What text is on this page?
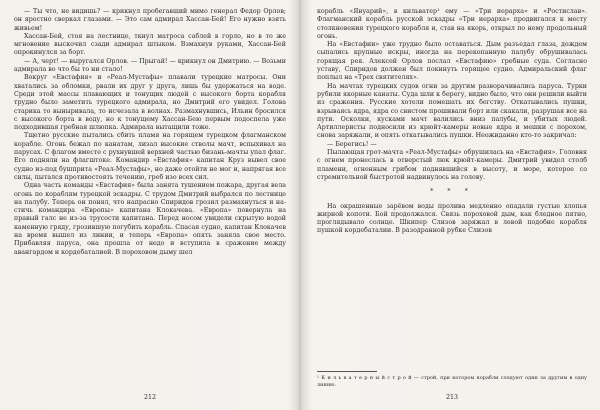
— Ты что, не видишь? — крикнул пробегавший мимо генерал Федор Орлов; он яростно сверкал глазами. — Это сам адмирал Хассан-Бей! Его нужно взять живьем!

Хассан-Бей, стоя на лестнице, ткнул матроса саблей в горло, но в то же мгновение выскочил сзади адмирал штыком. Взмахнув руками, Хассан-Бей опрокинулся за борт.

— А, черт! — выругался Орлов. — Прыгай! — крикнул он Дмитрию. — Возьми адмирала во что бы то ни стало!

Вокруг «Евстафия» и «Реал-Мустафы» плавали турецкие матросы. Они хватались за обломки, рвали их друг у друга, лишь бы удержаться на воде. Среди этой массы плавающих и тонущих людей с высокого борта корабля трудно было заметить турецкого адмирала, но Дмитрий его увидел. Голова старика то выныривала, то исчезала в волнах. Размахнувшись, Ильин бросился с высокого борта в воду, но к тонущему Хассан-Бею первым подоспела уже подходившая гребная шлюпка. Адмирала вытащили тоже.

Тщетно русские пытались сбить пламя на горящем турецком флагманском корабле. Огонь бежал по канатам, лизал высокие стволы мачт, вспыхивал на парусах. С флагом вместе с рухнувшей верхней частью бизань-мачты упал флаг. Его подняли на флагштоке. Командир «Евстафия» капитан Круз вывел свое судно из-под бушприта «Реал-Мустафы», но даже отойти не мог и, напрягая все силы, пытался противостоять течению, греб изо всех сил.

Одна часть команды «Евстафия» была занята тушением пожара, другая вела огонь по кораблям турецкой эскадры. С трудом Дмитрий выбрался по лестнице на палубу. Теперь он понял, что напрасно Спиридов грозил размахнуться и настичь командира «Европы» капитана Клокачева. «Европа» повернула на правый галс не из-за трусости капитана. Перед носом увидели скрытую водой каменную гряду, грозившую погубить корабль. Спасая судно, капитан Клокачев на время вышел из линии, и теперь «Европа» опять заняла свое место. Прибавляя паруса, она прошла от недо и вступила в сражение между авангардом и кордебаталией. В пороховом дыму шел

212

корабль «Януарий», в кильватер¹ ему — «Три иерарха» и «Ростислав». Флагманский корабль русской эскадры «Три иерарха» продвигался к месту столкновения турецкого корабля и, став на якорь, открыл по нему продольный огонь.

На «Евстафии» уже трудно было оставаться. Дым разъедал глаза, дождем сыпались крупные искры, иногда на перекопанную палубу обрушивалась горящая рея. Алексей Орлов послал «Евстафию» гребные суда. Согласно уставу, Спиридов должен был покинуть горящее судно. Адмиральский флаг поплыл на «Трех святителях».

На мачтах турецких судов огни за другим разворачивались паруса. Турки рубили якорные канаты. Суда шли к берегу, видно было, что они решили выйти из сражения. Русские хотели помешать их бегству. Откатывались пушки, взрываясь ядра, ядра со свистом прошивали борт или скакали, разрушая все на пути. Осколки, кусками мачт валились вниз палубы, и убитых людей. Артиллеристы подносили из крюйт-камеры новые ядра и мешки с порохом, снова заряжали, и опять откатывались пушки. Неожиданно кто-то закричал:

— Берегись! —

Пылающая грот-мачта «Реал-Мустафы» обрушилась на «Евстафия». Головня с огнем пронеслась в отверстый люк крюйт-камеры. Дмитрий увидел столб пламени, огненным грибом поднявшийся в высоту, и море, которое со стремительной быстротой надвинулось на голову.

* * *

На окрашенные зарёвом воды пролива медленно опадали густые хлопья жирной копоти. Бой продолжался. Связь пороховой дым, как бледное пятно, проглядывало солнце. Шкипер Слизов заряжал в левой подобие корабля пушкой кордебаталии. В разодранной рубке Слизов

¹ К и л ь в а т е р н ы й с т р о й — строй, при котором корабли следуют один за другим в одну линию.
213
